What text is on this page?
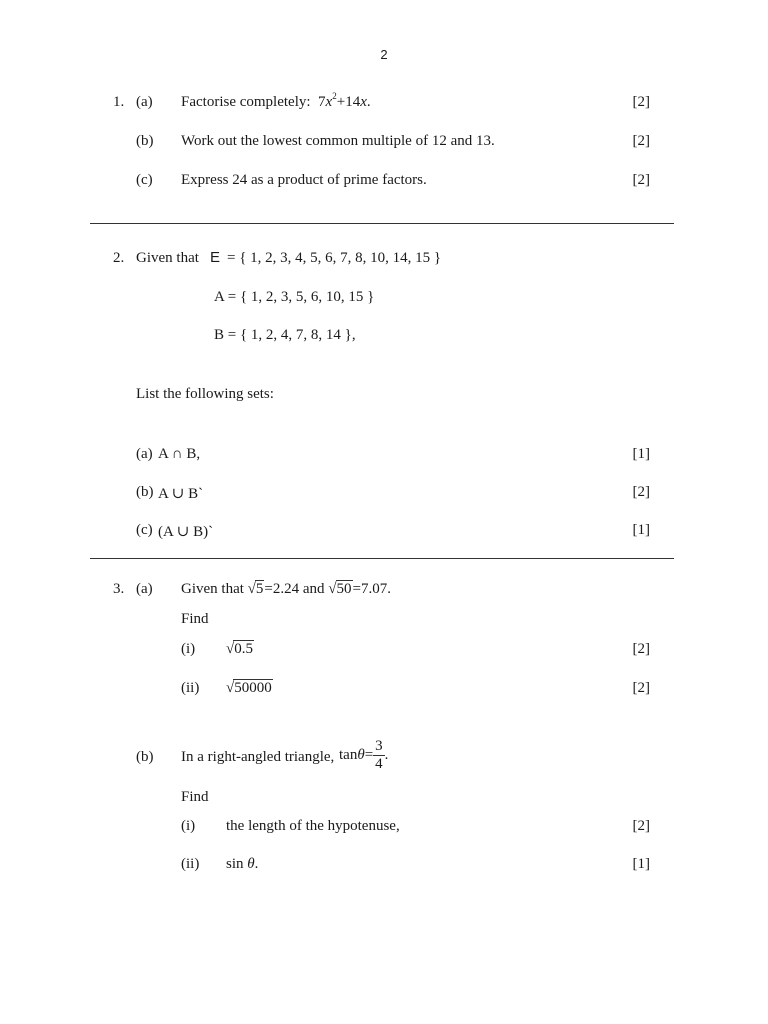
2
1. (a) Factorise completely: $7x^2+14x$.	[2]
(b) Work out the lowest common multiple of 12 and 13.	[2]
(c) Express 24 as a product of prime factors.	[2]
2. Given that E = { 1, 2, 3, 4, 5, 6, 7, 8, 10, 14, 15 }
A = { 1, 2, 3, 5, 6, 10, 15 }
B = { 1, 2, 4, 7, 8, 14 },
List the following sets:
(a) A ∩ B,	[1]
(b) A ∪ B`	[2]
(c) (A ∪ B)`	[1]
3. (a) Given that √5=2.24 and √50=7.07.
Find
(i) √0.5	[2]
(ii) √50000	[2]
(b) In a right-angled triangle, $\tan\theta= \frac{3}{4}$ .
Find
(i) the length of the hypotenuse,	[2]
(ii) sin θ.	[1]
